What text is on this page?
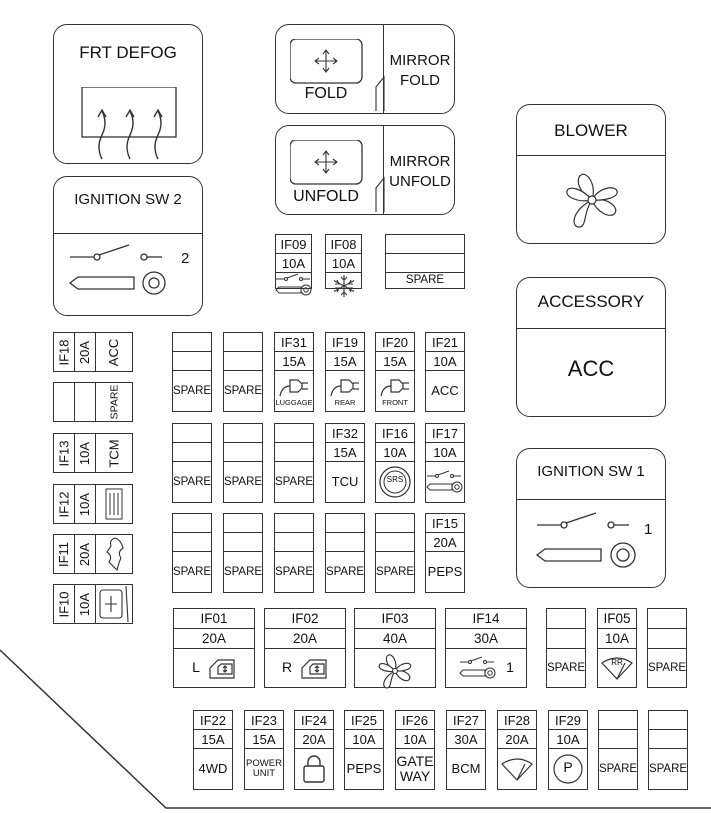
FRT DEFOG
IGNITION SW 2
2
FOLD
MIRROR
FOLD
UNFOLD
MIRROR
UNFOLD
BLOWER
ACCESSORY
ACC
IGNITION SW 1
1
IF18 20A ACC
SPARE
IF13 10A TCM
IF12 10A
IF11 20A
IF10 10A
IF09
10A
IF08
10A
SPARE
SPARE SPARE
IF31
15A
LUGGAGE
IF19
15A
REAR
IF20
15A
FRONT
IF21
10A
ACC
SPARE SPARE SPARE
IF32
15A
TCU
IF16
10A
SRS
IF17
10A
SPARE SPARE SPARE SPARE SPARE
IF15
20A
PEPS
IF01
20A
L
IF02
20A
R
IF03
40A
IF14
30A
1	SPARE
IF05
10A
RR	SPARE
IF22
15A
4WD
IF23
15A
POWER UNIT
IF24
20A
IF25
10A
PEPS
IF26
10A
GATE WAY
IF27
30A
BCM
IF28
20A
IF29
10A
P	SPARE SPARE
